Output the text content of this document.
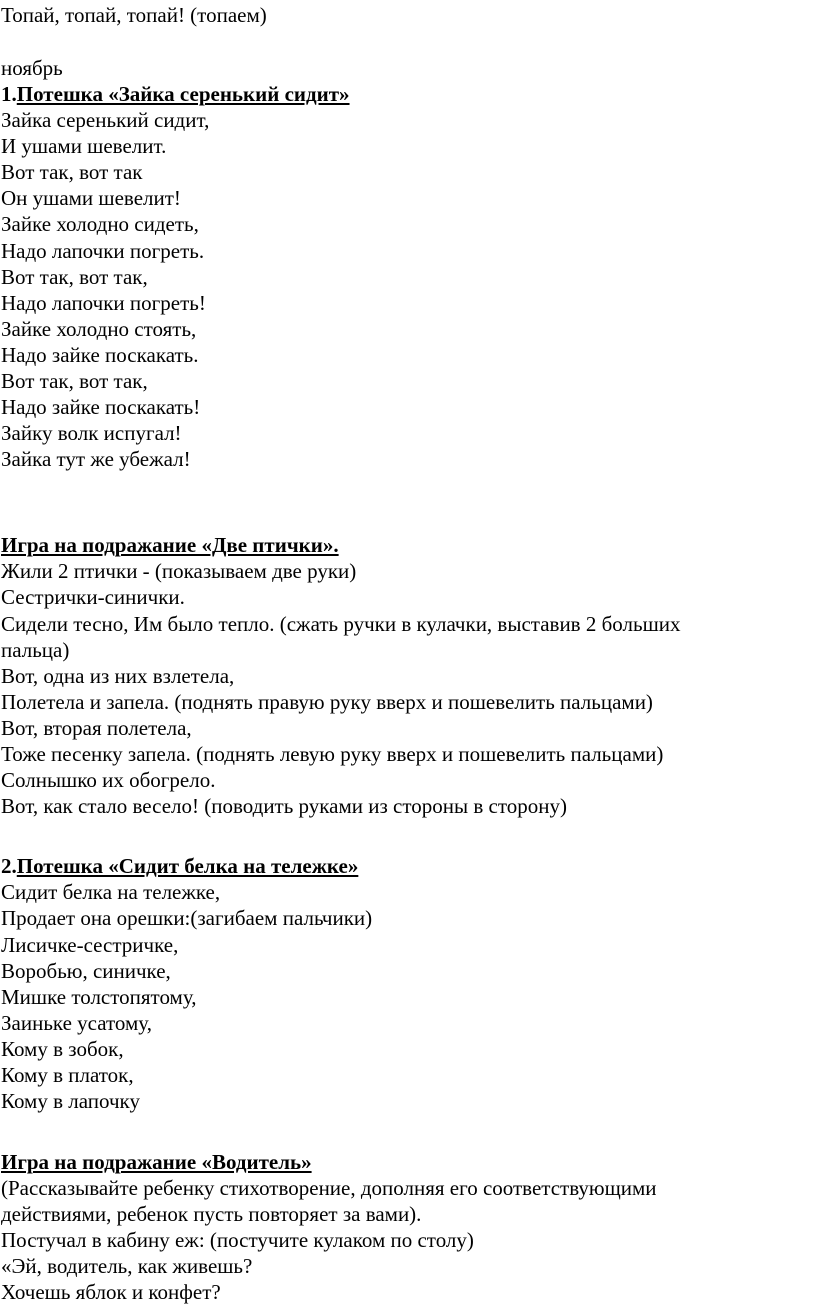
Топай, топай, топай! (топаем)
ноябрь
1.Потешка «Зайка серенький сидит»
Зайка серенький сидит,
И ушами шевелит.
Вот так, вот так
Он ушами шевелит!
Зайке холодно сидеть,
Надо лапочки погреть.
Вот так, вот так,
Надо лапочки погреть!
Зайке холодно стоять,
Надо зайке поскакать.
Вот так, вот так,
Надо зайке поскакать!
Зайку волк испугал!
Зайка тут же убежал!
Игра на подражание «Две птички».
Жили 2 птички - (показываем две руки)
Сестрички-синички.
Сидели тесно, Им было тепло. (сжать ручки в кулачки, выставив 2 больших
пальца)
Вот, одна из них взлетела,
Полетела и запела. (поднять правую руку вверх и пошевелить пальцами)
Вот, вторая полетела,
Тоже песенку запела. (поднять левую руку вверх и пошевелить пальцами)
Солнышко их обогрело.
Вот, как стало весело! (поводить руками из стороны в сторону)
2.Потешка «Сидит белка на тележке»
Сидит белка на тележке,
Продает она орешки:(загибаем пальчики)
Лисичке-сестричке,
Воробью, синичке,
Мишке толстопятому,
Заиньке усатому,
Кому в зобок,
Кому в платок,
Кому в лапочку
Игра на подражание «Водитель»
(Рассказывайте ребенку стихотворение, дополняя его соответствующими
действиями, ребенок пусть повторяет за вами).
Постучал в кабину еж: (постучите кулаком по столу)
«Эй, водитель, как живешь?
Хочешь яблок и конфет?
